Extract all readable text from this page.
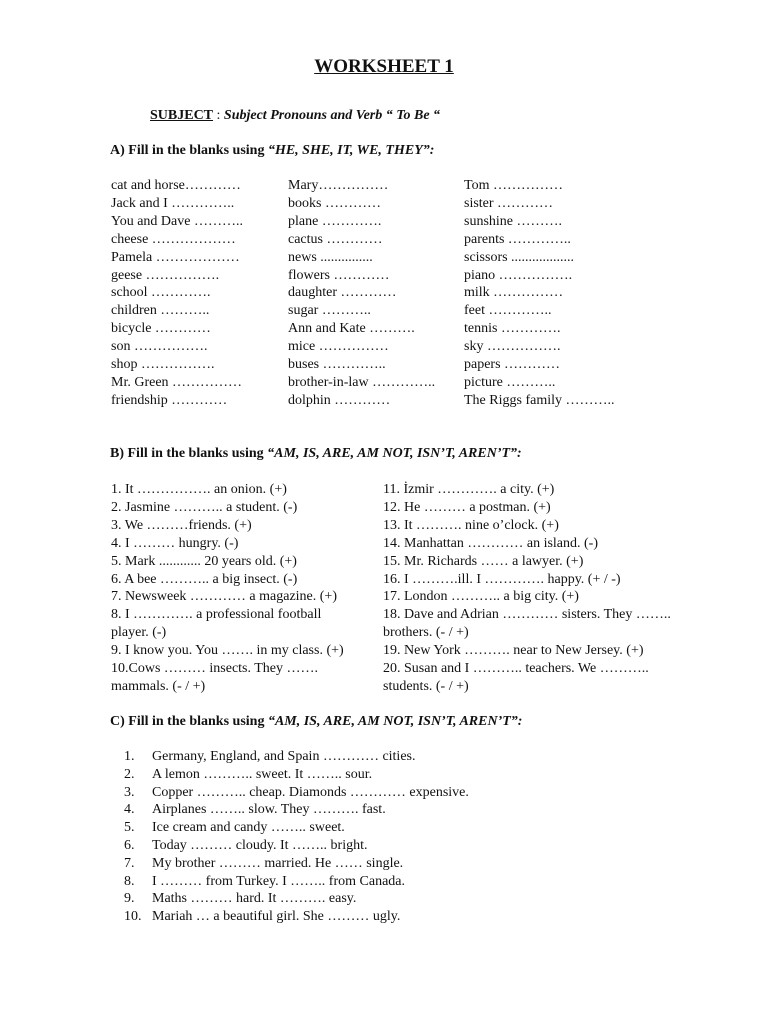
WORKSHEET 1
SUBJECT : Subject Pronouns and Verb “ To Be “
A) Fill in the blanks using “HE, SHE, IT, WE, THEY”:
cat and horse…………
Jack and I …………..
You and Dave ………..
cheese ………………
Pamela ………………
geese …………….
school ………….
children ………..
bicycle …………
son …………….
shop …………….
Mr. Green ……………
friendship …………
Mary……………
books …………
plane ………….
cactus …………
news ...............
flowers …………
daughter …………
sugar ………..
Ann and Kate ……….
mice ……………
buses …………..
brother-in-law …………..
dolphin …………
Tom ……………
sister …………
sunshine ……….
parents …………..
scissors ..................
piano …………….
milk ……………
feet …………..
tennis ………….
sky …………….
papers …………
picture ………..
The Riggs family ………..
B) Fill in the blanks using “AM, IS, ARE, AM NOT, ISN’T, AREN’T”:
1. It ……………. an onion. (+)
2. Jasmine ……….. a student. (-)
3. We ………friends. (+)
4. I ……… hungry. (-)
5. Mark ............ 20 years old. (+)
6. A bee ……….. a big insect. (-)
7. Newsweek ………… a magazine. (+)
8. I …………. a professional football
player. (-)
9. I know you. You ……. in my class. (+)
10.Cows ……… insects. They …….
mammals. (- / +)
11. İzmir …………. a city. (+)
12. He ……… a postman. (+)
13. It ………. nine o’clock. (+)
14. Manhattan ………… an island. (-)
15. Mr. Richards …… a lawyer. (+)
16. I ……….ill. I …………. happy. (+ / -)
17. London ……….. a big city. (+)
18. Dave and Adrian ………… sisters. They ……..
brothers. (- / +)
19. New York ………. near to New Jersey. (+)
20. Susan and I ……….. teachers. We ………..
students. (- / +)
C) Fill in the blanks using “AM, IS, ARE, AM NOT, ISN’T, AREN’T”:
1. Germany, England, and Spain ………… cities.
2. A lemon ……….. sweet. It …….. sour.
3. Copper ……….. cheap. Diamonds ………… expensive.
4. Airplanes …….. slow. They ………. fast.
5. Ice cream and candy …….. sweet.
6. Today ……… cloudy. It …….. bright.
7. My brother ……… married. He …… single.
8. I ……… from Turkey. I …….. from Canada.
9. Maths ……… hard. It ………. easy.
10. Mariah … a beautiful girl. She ……… ugly.
